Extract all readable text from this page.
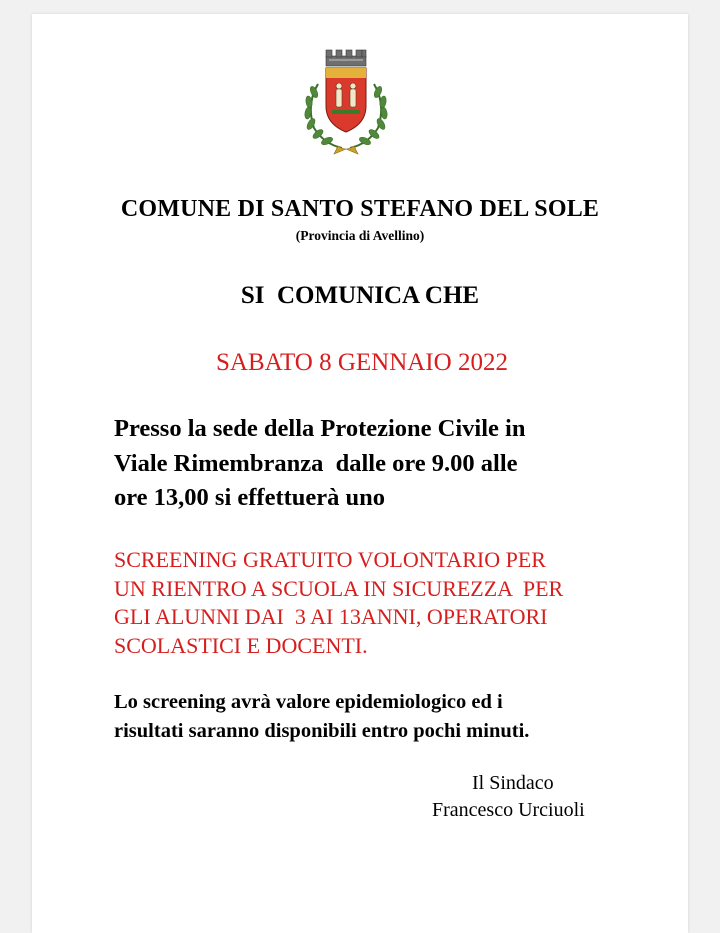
COMUNE DI SANTO STEFANO DEL SOLE
(Provincia di Avellino)
SI  COMUNICA CHE
SABATO 8 GENNAIO 2022
Presso la sede della Protezione Civile in
Viale Rimembranza  dalle ore 9.00 alle
ore 13,00 si effettuerà uno
SCREENING GRATUITO VOLONTARIO PER
UN RIENTRO A SCUOLA IN SICUREZZA  PER
GLI ALUNNI DAI  3 AI 13ANNI, OPERATORI
SCOLASTICI E DOCENTI.
Lo screening avrà valore epidemiologico ed i
risultati saranno disponibili entro pochi minuti.
Il Sindaco
Francesco Urciuoli
